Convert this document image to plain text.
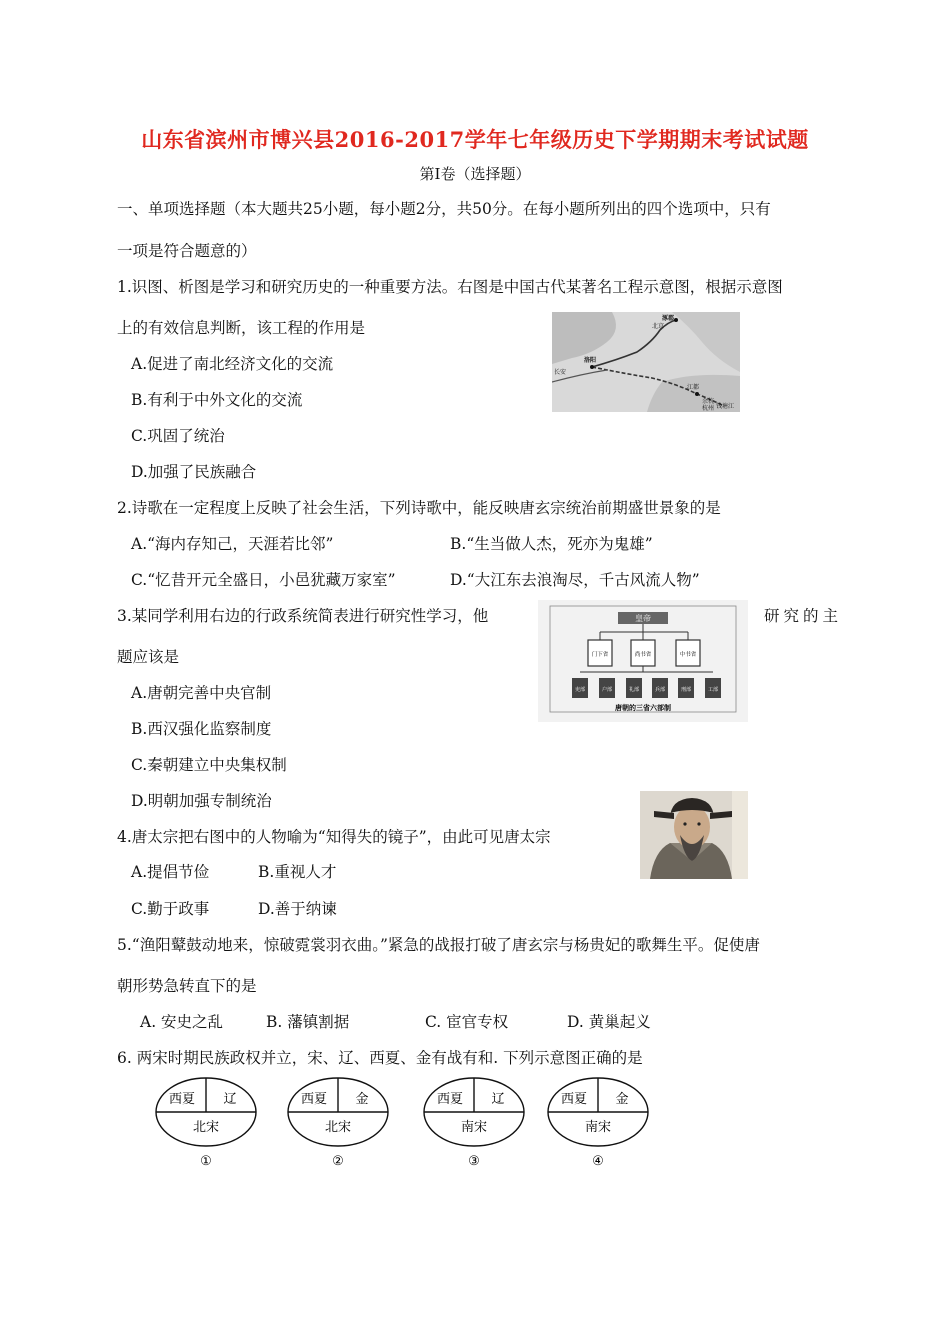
山东省滨州市博兴县2016-2017学年七年级历史下学期期末考试试题
第Ⅰ卷（选择题）
一、单项选择题（本大题共25小题，每小题2分，共50分。在每小题所列出的四个选项中，只有
一项是符合题意的）
1.识图、析图是学习和研究历史的一种重要方法。右图是中国古代某著名工程示意图，根据示意图
上的有效信息判断，该工程的作用是
A.促进了南北经济文化的交流
B.有利于中外文化的交流
C.巩固了统治
D.加强了民族融合
涿郡
北京
洛阳
长安
江都
余杭
杭州 钱塘江
2.诗歌在一定程度上反映了社会生活，下列诗歌中，能反映唐玄宗统治前期盛世景象的是
A.“海内存知己，天涯若比邻”	B.“生当做人杰，死亦为鬼雄”
C.“忆昔开元全盛日，小邑犹藏万家室”	D.“大江东去浪淘尽，千古风流人物”
3.某同学利用右边的行政系统简表进行研究性学习，他	研究的主
题应该是
A.唐朝完善中央官制
B.西汉强化监察制度
C.秦朝建立中央集权制
D.明朝加强专制统治
皇帝
门下省	尚书省	中书省
吏部	户部	礼部	兵部	刑部	工部
唐朝的三省六部制
4.唐太宗把右图中的人物喻为“知得失的镜子”，由此可见唐太宗
A.提倡节俭	B.重视人才
C.勤于政事	D.善于纳谏
5.“渔阳鼙鼓动地来，惊破霓裳羽衣曲。”紧急的战报打破了唐玄宗与杨贵妃的歌舞生平。促使唐
朝形势急转直下的是
A. 安史之乱	B. 藩镇割据	C. 宦官专权	D. 黄巢起义
6. 两宋时期民族政权并立，宋、辽、西夏、金有战有和. 下列示意图正确的是
西夏 辽
北宋
①
西夏 金
北宋
②
西夏 辽
南宋
③
西夏 金
南宋
④
